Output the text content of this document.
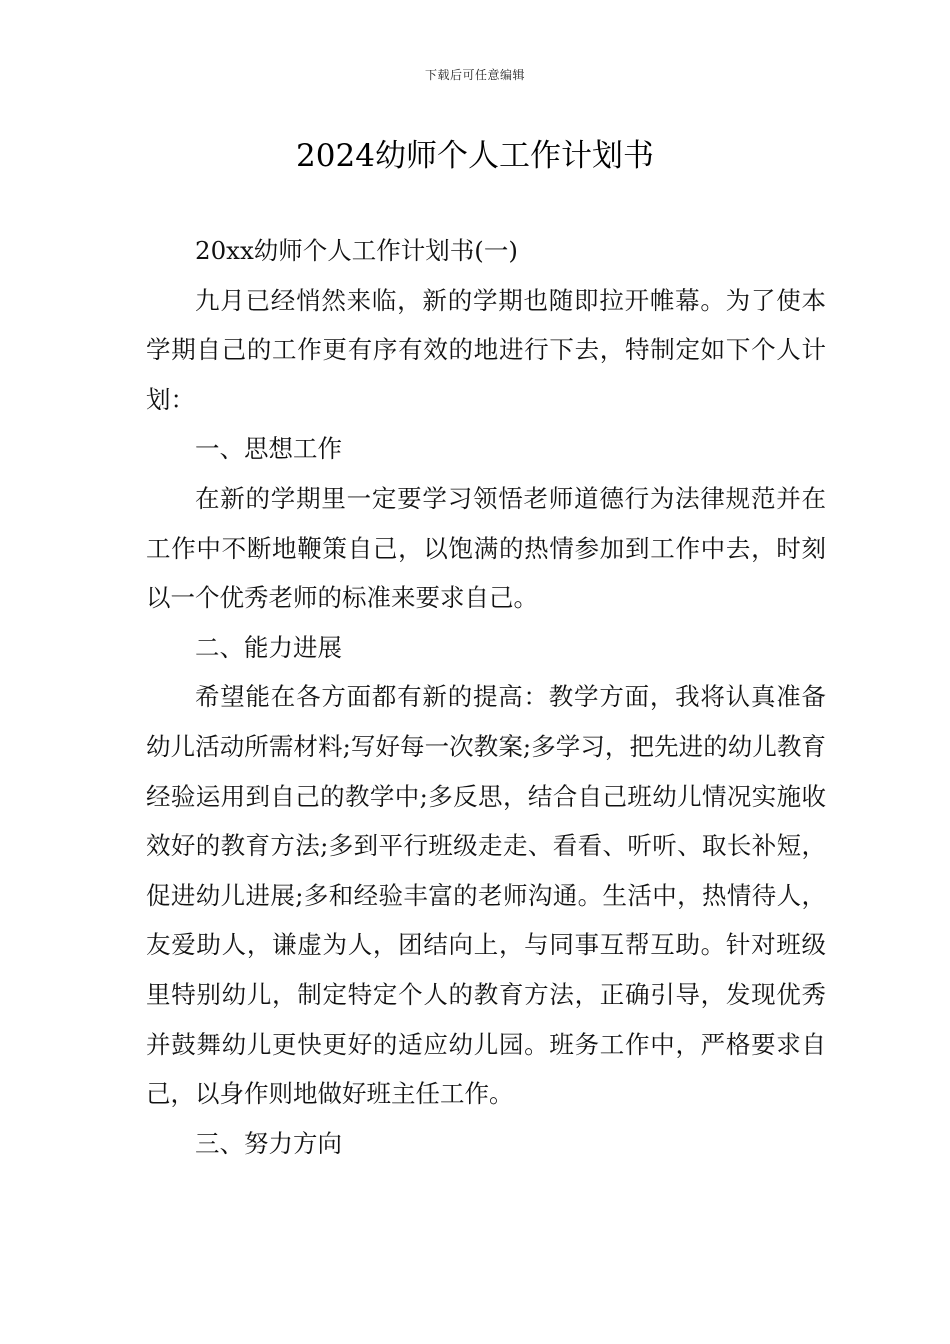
下载后可任意编辑
2024幼师个人工作计划书

20xx幼师个人工作计划书(一)

九月已经悄然来临，新的学期也随即拉开帷幕。为了使本学期自己的工作更有序有效的地进行下去，特制定如下个人计划：

一、思想工作

在新的学期里一定要学习领悟老师道德行为法律规范并在工作中不断地鞭策自己，以饱满的热情参加到工作中去，时刻以一个优秀老师的标准来要求自己。

二、能力进展

希望能在各方面都有新的提高：教学方面，我将认真准备幼儿活动所需材料;写好每一次教案;多学习，把先进的幼儿教育经验运用到自己的教学中;多反思，结合自己班幼儿情况实施收效好的教育方法;多到平行班级走走、看看、听听、取长补短，促进幼儿进展;多和经验丰富的老师沟通。生活中，热情待人，友爱助人，谦虚为人，团结向上，与同事互帮互助。针对班级里特别幼儿，制定特定个人的教育方法，正确引导，发现优秀并鼓舞幼儿更快更好的适应幼儿园。班务工作中，严格要求自己，以身作则地做好班主任工作。

三、努力方向
